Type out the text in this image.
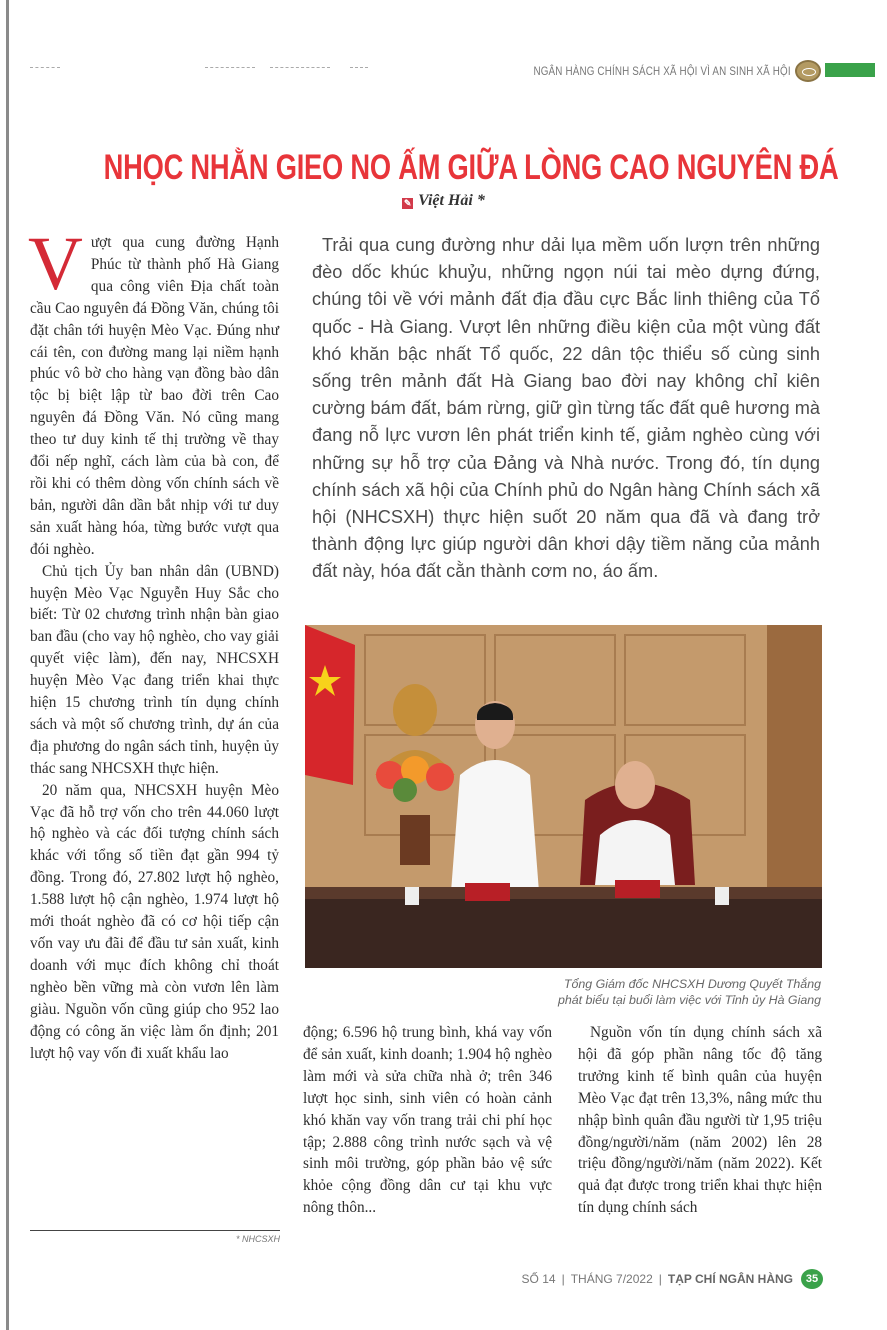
NGÂN HÀNG CHÍNH SÁCH XÃ HỘI VÌ AN SINH XÃ HỘI
NHỌC NHẰN GIEO NO ẤM GIỮA LÒNG CAO NGUYÊN ĐÁ
✎ Việt Hải *

Vượt qua cung đường Hạnh Phúc từ thành phố Hà Giang qua công viên Địa chất toàn cầu Cao nguyên đá Đồng Văn, chúng tôi đặt chân tới huyện Mèo Vạc. Đúng như cái tên, con đường mang lại niềm hạnh phúc vô bờ cho hàng vạn đồng bào dân tộc bị biệt lập từ bao đời trên Cao nguyên đá Đồng Văn. Nó cũng mang theo tư duy kinh tế thị trường về thay đổi nếp nghĩ, cách làm của bà con, để rồi khi có thêm dòng vốn chính sách về bản, người dân dần bắt nhịp với tư duy sản xuất hàng hóa, từng bước vượt qua đói nghèo.

Chủ tịch Ủy ban nhân dân (UBND) huyện Mèo Vạc Nguyễn Huy Sắc cho biết: Từ 02 chương trình nhận bàn giao ban đầu (cho vay hộ nghèo, cho vay giải quyết việc làm), đến nay, NHCSXH huyện Mèo Vạc đang triển khai thực hiện 15 chương trình tín dụng chính sách và một số chương trình, dự án của địa phương do ngân sách tỉnh, huyện ủy thác sang NHCSXH thực hiện.

20 năm qua, NHCSXH huyện Mèo Vạc đã hỗ trợ vốn cho trên 44.060 lượt hộ nghèo và các đối tượng chính sách khác với tổng số tiền đạt gần 994 tỷ đồng. Trong đó, 27.802 lượt hộ nghèo, 1.588 lượt hộ cận nghèo, 1.974 lượt hộ mới thoát nghèo đã có cơ hội tiếp cận vốn vay ưu đãi để đầu tư sản xuất, kinh doanh với mục đích không chỉ thoát nghèo bền vững mà còn vươn lên làm giàu. Nguồn vốn cũng giúp cho 952 lao động có công ăn việc làm ổn định; 201 lượt hộ vay vốn đi xuất khẩu lao

Trải qua cung đường như dải lụa mềm uốn lượn trên những đèo dốc khúc khuỷu, những ngọn núi tai mèo dựng đứng, chúng tôi về với mảnh đất địa đầu cực Bắc linh thiêng của Tổ quốc - Hà Giang. Vượt lên những điều kiện của một vùng đất khó khăn bậc nhất Tổ quốc, 22 dân tộc thiểu số cùng sinh sống trên mảnh đất Hà Giang bao đời nay không chỉ kiên cường bám đất, bám rừng, giữ gìn từng tấc đất quê hương mà đang nỗ lực vươn lên phát triển kinh tế, giảm nghèo cùng với những sự hỗ trợ của Đảng và Nhà nước. Trong đó, tín dụng chính sách xã hội của Chính phủ do Ngân hàng Chính sách xã hội (NHCSXH) thực hiện suốt 20 năm qua đã và đang trở thành động lực giúp người dân khơi dậy tiềm năng của mảnh đất này, hóa đất cằn thành cơm no, áo ấm.

Tổng Giám đốc NHCSXH Dương Quyết Thắng
phát biểu tại buổi làm việc với Tỉnh ủy Hà Giang

động; 6.596 hộ trung bình, khá vay vốn để sản xuất, kinh doanh; 1.904 hộ nghèo làm mới và sửa chữa nhà ở; trên 346 lượt học sinh, sinh viên có hoàn cảnh khó khăn vay vốn trang trải chi phí học tập; 2.888 công trình nước sạch và vệ sinh môi trường, góp phần bảo vệ sức khỏe cộng đồng dân cư tại khu vực nông thôn...

Nguồn vốn tín dụng chính sách xã hội đã góp phần nâng tốc độ tăng trưởng kinh tế bình quân của huyện Mèo Vạc đạt trên 13,3%, nâng mức thu nhập bình quân đầu người từ 1,95 triệu đồng/người/năm (năm 2002) lên 28 triệu đồng/người/năm (năm 2022). Kết quả đạt được trong triển khai thực hiện tín dụng chính sách

* NHCSXH
SỐ 14 | THÁNG 7/2022 | TẠP CHÍ NGÂN HÀNG	35
